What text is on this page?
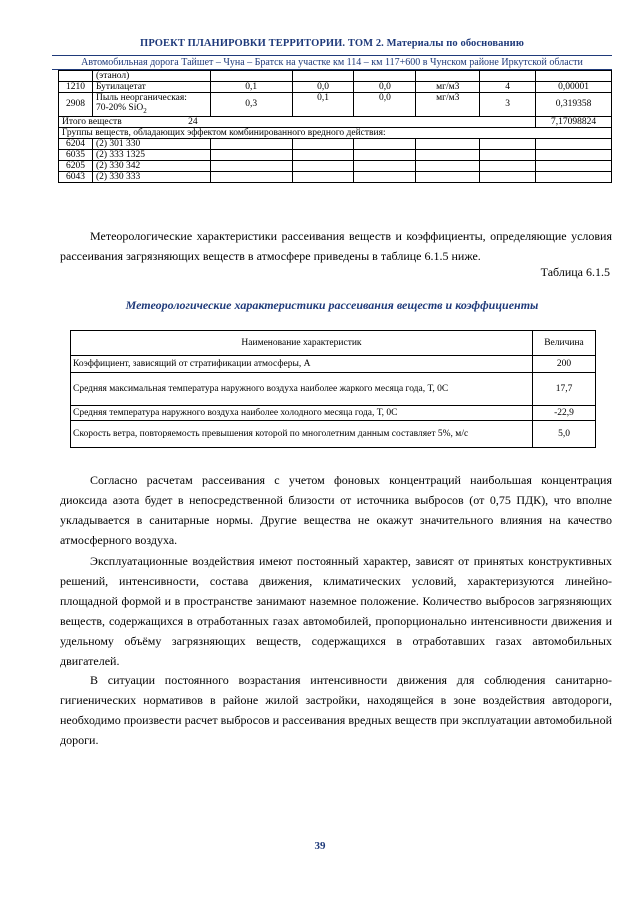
ПРОЕКТ ПЛАНИРОВКИ ТЕРРИТОРИИ. ТОМ 2. Материалы по обоснованию
Автомобильная дорога Тайшет – Чуна – Братск на участке км 114 – км 117+600 в Чунском районе Иркутской области
	(этанол)						
1210	Бутилацетат	0,1	0,0	0,0	мг/м3	4	0,00001
2908	Пыль неорганическая:
70-20% SiO$_2$	0,3	0,1	0,0	мг/м3	3	0,319358
Итого веществ 24							7,17098824
Группы веществ, обладающих эффектом комбинированного вредного действия:							
6204	(2) 301 330						
6035	(2) 333 1325						
6205	(2) 330 342						
6043	(2) 330 333						
Метеорологические характеристики рассеивания веществ и коэффициенты, определяющие условия рассеивания загрязняющих веществ в атмосфере приведены в таблице 6.1.5 ниже.
Таблица 6.1.5
Метеорологические характеристики рассеивания веществ и коэффициенты
Наименование характеристик	Величина
Коэффициент, зависящий от стратификации атмосферы, А	200
Средняя максимальная температура наружного воздуха наиболее жаркого месяца года, Т, 0С	17,7
Средняя температура наружного воздуха наиболее холодного месяца года, Т, 0С	-22,9
Скорость ветра, повторяемость превышения которой по многолетним данным составляет 5%, м/с	5,0
Согласно расчетам рассеивания с учетом фоновых концентраций наибольшая концентрация диоксида азота будет в непосредственной близости от источника выбросов (от 0,75 ПДК), что вполне укладывается в санитарные нормы. Другие вещества не окажут значительного влияния на качество атмосферного воздуха.
Эксплуатационные воздействия имеют постоянный характер, зависят от принятых конструктивных решений, интенсивности, состава движения, климатических условий, характеризуются линейно-площадной формой и в пространстве занимают наземное положение. Количество выбросов загрязняющих веществ, содержащихся в отработанных газах автомобилей, пропорционально интенсивности движения и удельному объёму загрязняющих веществ, содержащихся в отработавших газах автомобильных двигателей.
В ситуации постоянного возрастания интенсивности движения для соблюдения санитарно-гигиенических нормативов в районе жилой застройки, находящейся в зоне воздействия автодороги, необходимо произвести расчет выбросов и рассеивания вредных веществ при эксплуатации автомобильной дороги.
39
